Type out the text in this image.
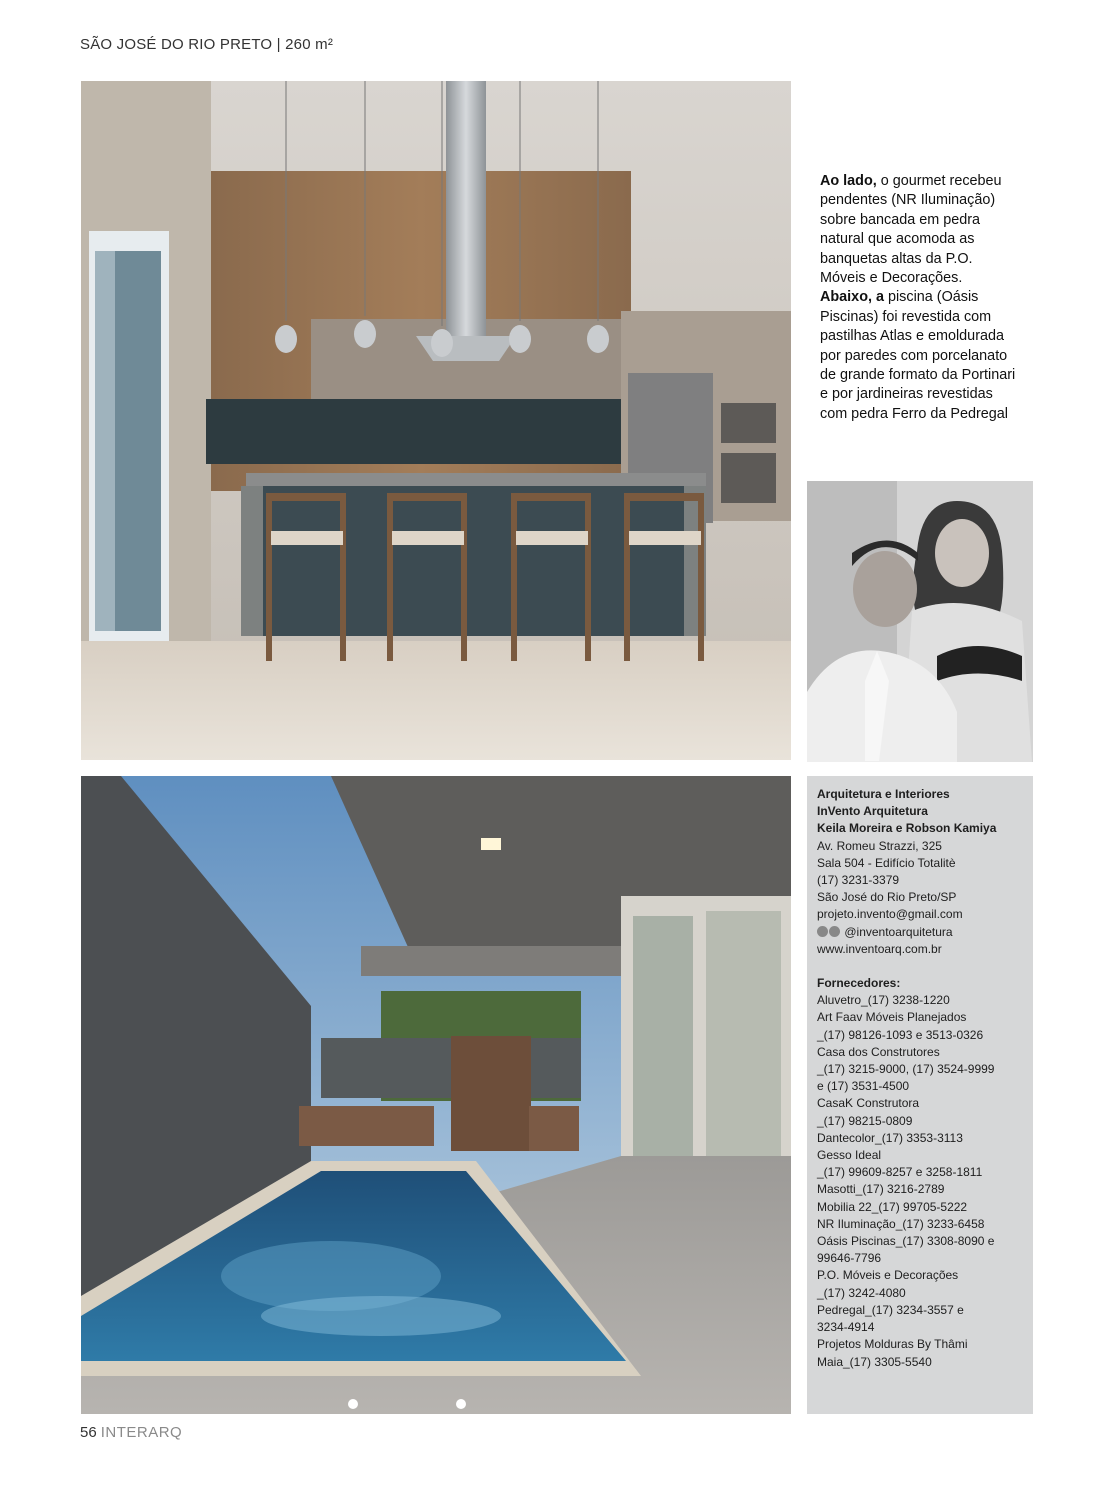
SÃO JOSÉ DO RIO PRETO | 260 m²
Ao lado, o gourmet recebeu pendentes (NR Iluminação) sobre bancada em pedra natural que acomoda as banquetas altas da P.O. Móveis e Decorações. Abaixo, a piscina (Oásis Piscinas) foi revestida com pastilhas Atlas e emoldurada por paredes com porcelanato de grande formato da Portinari e por jardineiras revestidas com pedra Ferro da Pedregal
Arquitetura e Interiores
InVento Arquitetura
Keila Moreira e Robson Kamiya
Av. Romeu Strazzi, 325
Sala 504 - Edifício Totalitè
(17) 3231-3379
São José do Rio Preto/SP
projeto.invento@gmail.com
@inventoarquitetura
www.inventoarq.com.br
Fornecedores:
Aluvetro_(17) 3238-1220
Art Faav Móveis Planejados
_(17) 98126-1093 e 3513-0326
Casa dos Construtores
_(17) 3215-9000, (17) 3524-9999
e (17) 3531-4500
CasaK Construtora
_(17) 98215-0809
Dantecolor_(17) 3353-3113
Gesso Ideal
_(17) 99609-8257 e 3258-1811
Masotti_(17) 3216-2789
Mobilia 22_(17) 99705-5222
NR Iluminação_(17) 3233-6458
Oásis Piscinas_(17) 3308-8090 e
99646-7796
P.O. Móveis e Decorações
_(17) 3242-4080
Pedregal_(17) 3234-3557 e
3234-4914
Projetos Molduras By Thâmi
Maia_(17) 3305-5540
56 INTERARQ
